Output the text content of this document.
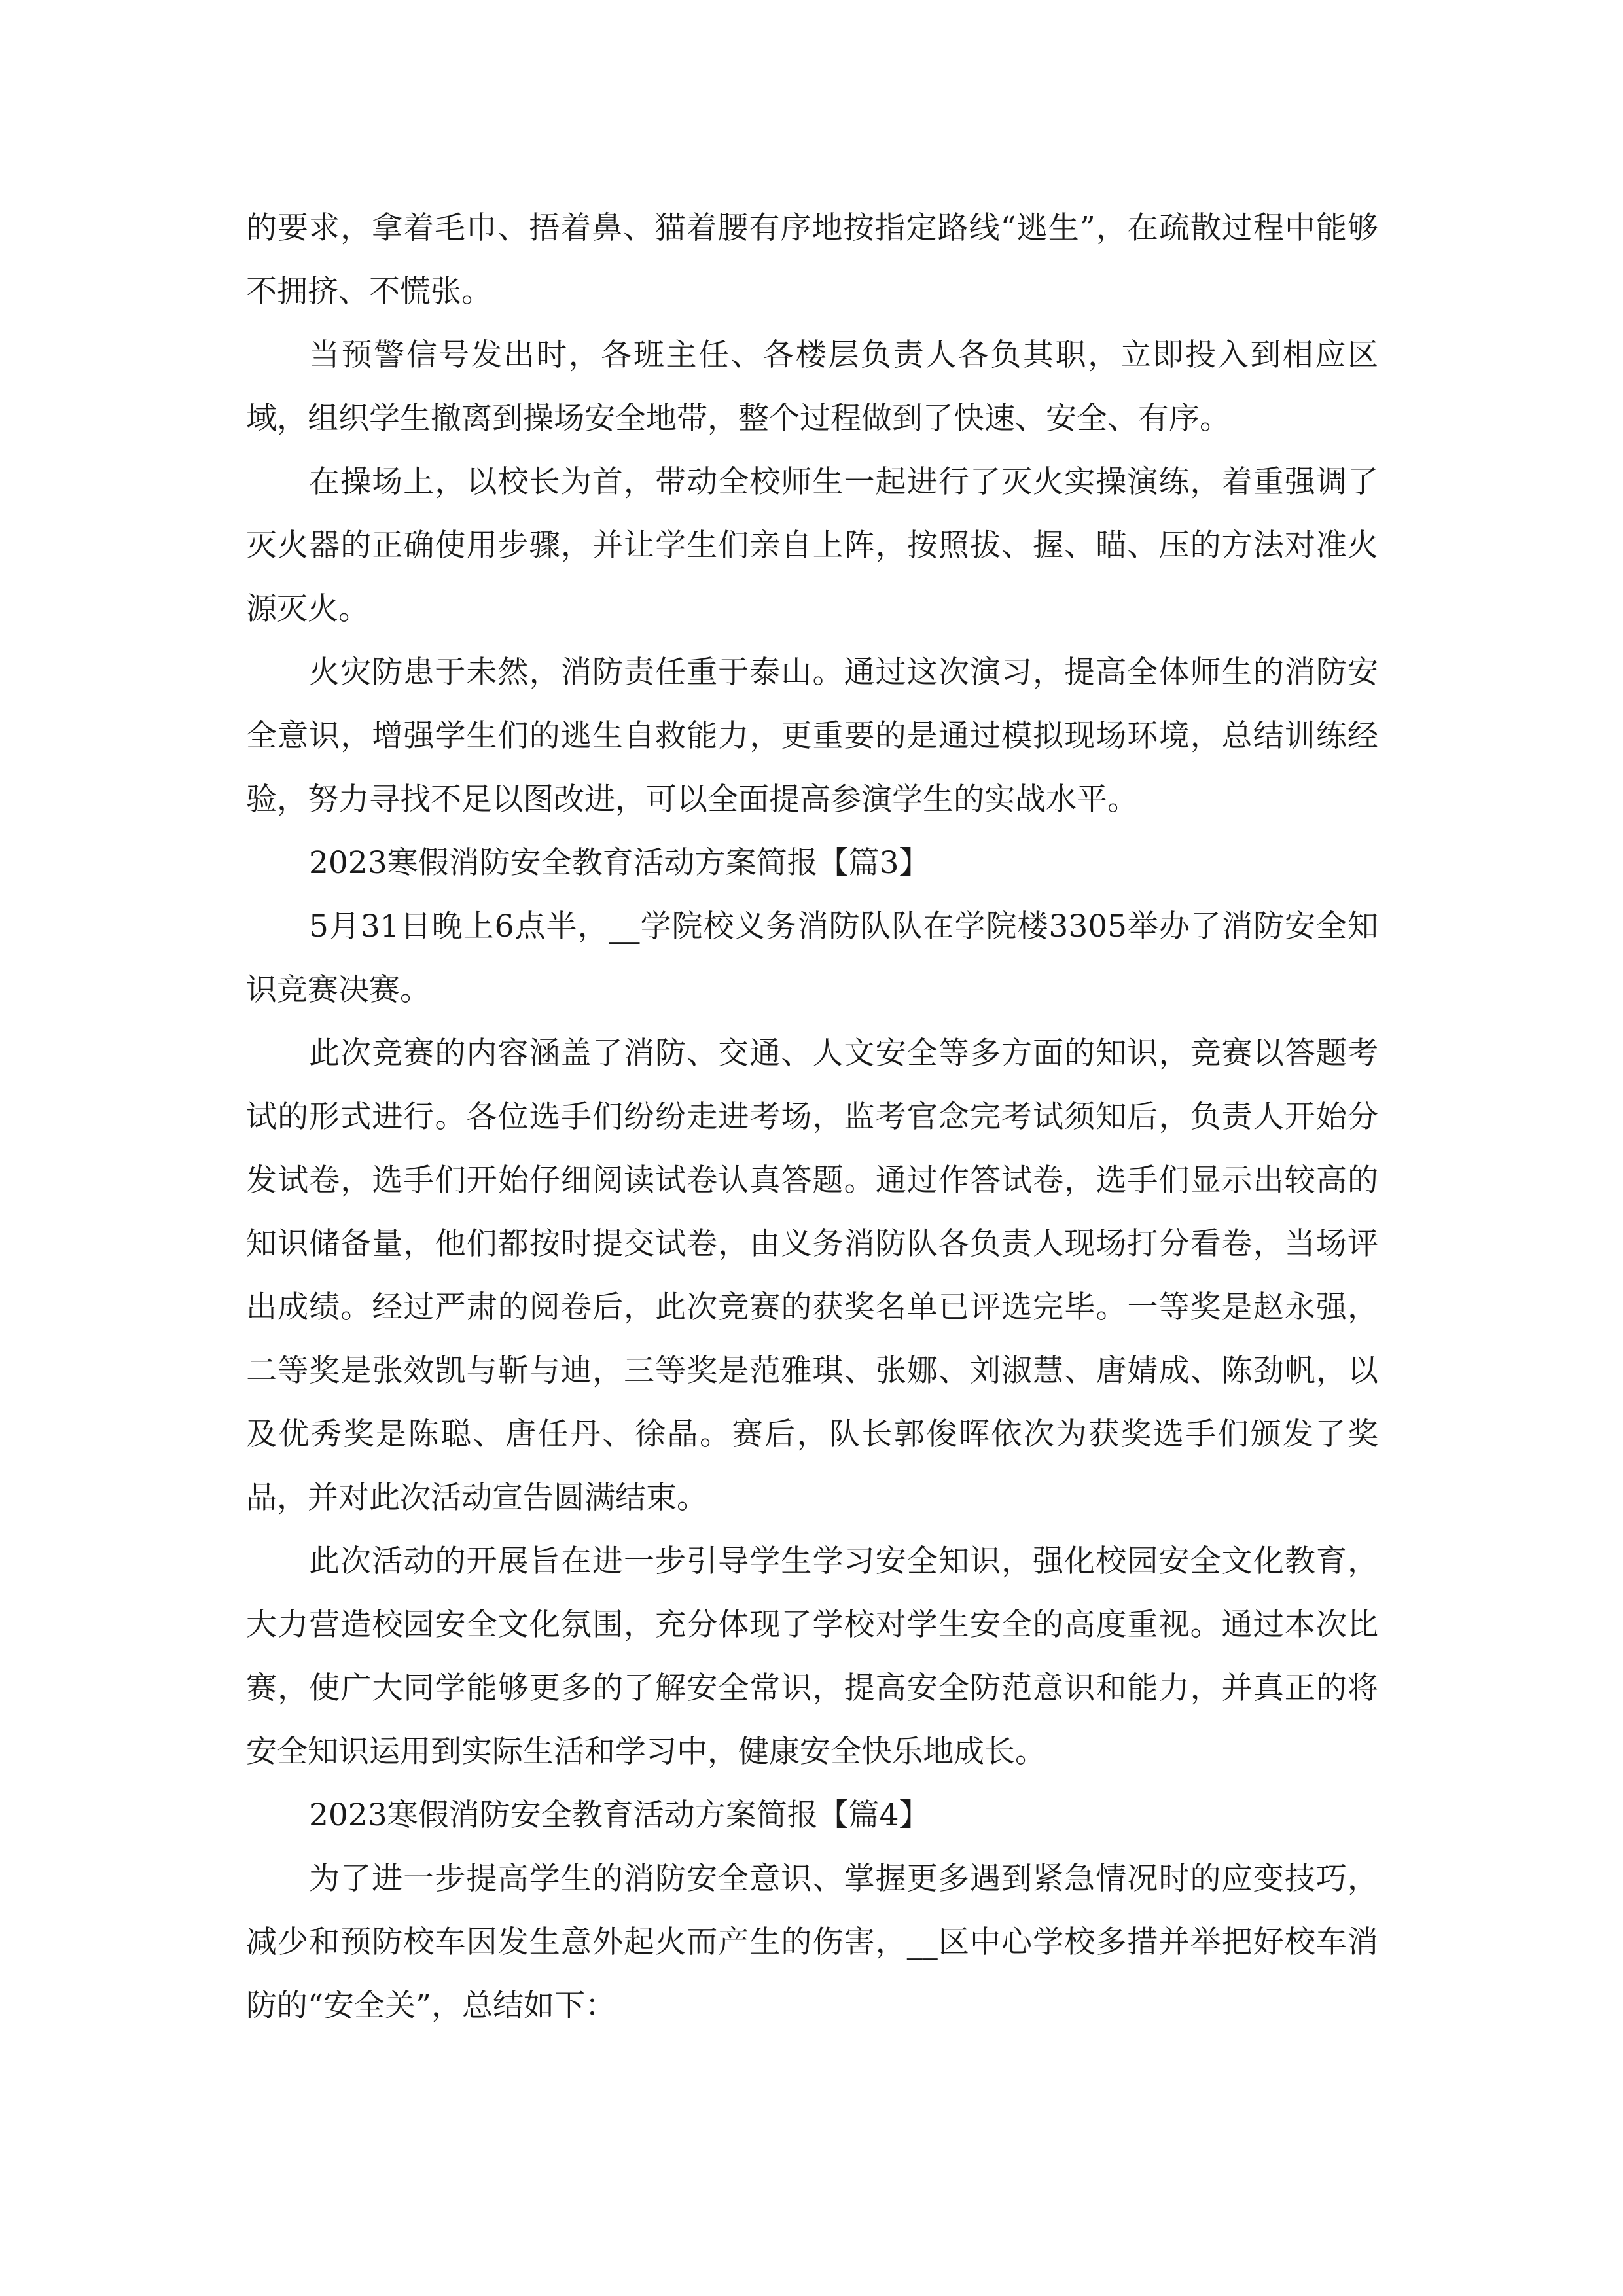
的要求，拿着毛巾、捂着鼻、猫着腰有序地按指定路线“逃生”，在疏散过程中能够不拥挤、不慌张。

当预警信号发出时，各班主任、各楼层负责人各负其职，立即投入到相应区域，组织学生撤离到操场安全地带，整个过程做到了快速、安全、有序。

在操场上，以校长为首，带动全校师生一起进行了灭火实操演练，着重强调了灭火器的正确使用步骤，并让学生们亲自上阵，按照拔、握、瞄、压的方法对准火源灭火。

火灾防患于未然，消防责任重于泰山。通过这次演习，提高全体师生的消防安全意识，增强学生们的逃生自救能力，更重要的是通过模拟现场环境，总结训练经验，努力寻找不足以图改进，可以全面提高参演学生的实战水平。

2023寒假消防安全教育活动方案简报【篇3】

5月31日晚上6点半，__学院校义务消防队队在学院楼3305举办了消防安全知识竞赛决赛。

此次竞赛的内容涵盖了消防、交通、人文安全等多方面的知识，竞赛以答题考试的形式进行。各位选手们纷纷走进考场，监考官念完考试须知后，负责人开始分发试卷，选手们开始仔细阅读试卷认真答题。通过作答试卷，选手们显示出较高的知识储备量，他们都按时提交试卷，由义务消防队各负责人现场打分看卷，当场评出成绩。经过严肃的阅卷后，此次竞赛的获奖名单已评选完毕。一等奖是赵永强，二等奖是张效凯与靳与迪，三等奖是范雅琪、张娜、刘淑慧、唐婧成、陈劲帆，以及优秀奖是陈聪、唐任丹、徐晶。赛后，队长郭俊晖依次为获奖选手们颁发了奖品，并对此次活动宣告圆满结束。

此次活动的开展旨在进一步引导学生学习安全知识，强化校园安全文化教育，大力营造校园安全文化氛围，充分体现了学校对学生安全的高度重视。通过本次比赛，使广大同学能够更多的了解安全常识，提高安全防范意识和能力，并真正的将安全知识运用到实际生活和学习中，健康安全快乐地成长。

2023寒假消防安全教育活动方案简报【篇4】

为了进一步提高学生的消防安全意识、掌握更多遇到紧急情况时的应变技巧，减少和预防校车因发生意外起火而产生的伤害，__区中心学校多措并举把好校车消防的“安全关”，总结如下：
